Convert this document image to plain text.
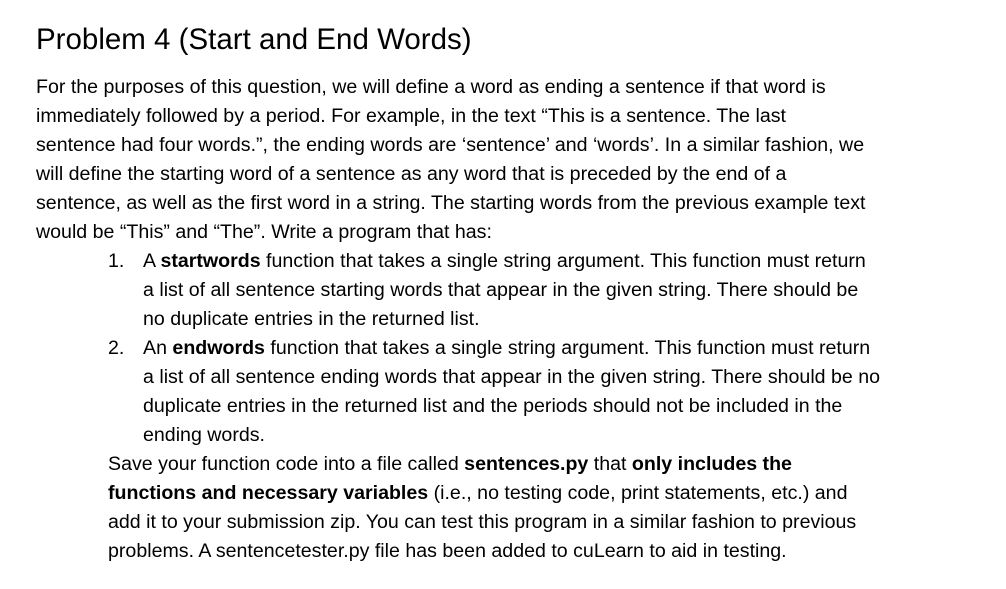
Problem 4 (Start and End Words)

For the purposes of this question, we will define a word as ending a sentence if that word is
immediately followed by a period. For example, in the text “This is a sentence. The last
sentence had four words.”, the ending words are ‘sentence’ and ‘words’. In a similar fashion, we
will define the starting word of a sentence as any word that is preceded by the end of a
sentence, as well as the first word in a string. The starting words from the previous example text
would be “This” and “The”. Write a program that has:

1. A startwords function that takes a single string argument. This function must return
a list of all sentence starting words that appear in the given string. There should be
no duplicate entries in the returned list.
2. An endwords function that takes a single string argument. This function must return
a list of all sentence ending words that appear in the given string. There should be no
duplicate entries in the returned list and the periods should not be included in the
ending words.

Save your function code into a file called sentences.py that only includes the
functions and necessary variables (i.e., no testing code, print statements, etc.) and
add it to your submission zip. You can test this program in a similar fashion to previous
problems. A sentencetester.py file has been added to cuLearn to aid in testing.
